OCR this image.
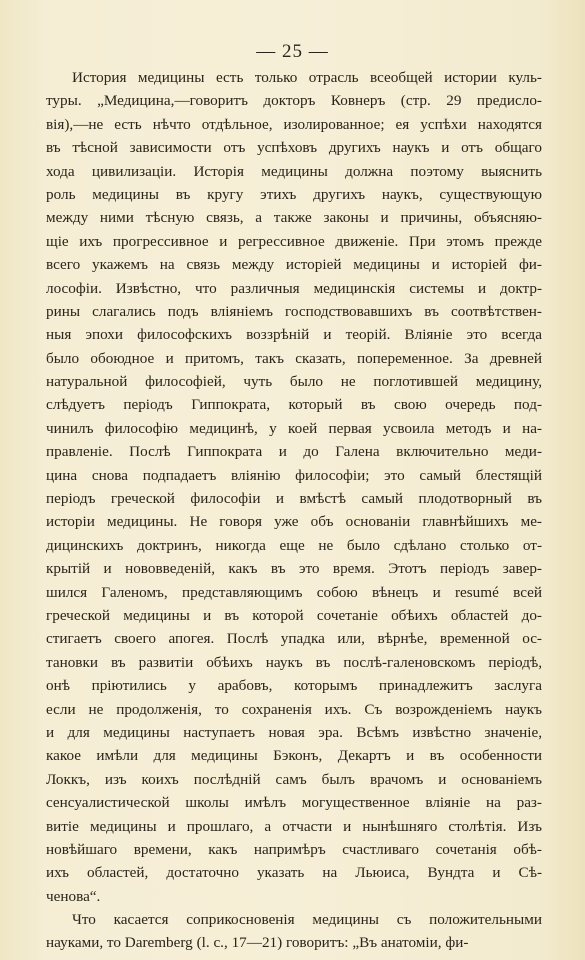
— 25 —
История медицины есть только отрасль всеобщей истории куль-
туры. „Медицина,—говоритъ докторъ Ковнеръ (стр. 29 предисло-
вія),—не есть нѣчто отдѣльное, изолированное; ея успѣхи находятся
въ тѣсной зависимости отъ успѣховъ другихъ наукъ и отъ общаго
хода цивилизаціи. Исторія медицины должна поэтому выяснить
роль медицины въ кругу этихъ другихъ наукъ, существующую
между ними тѣсную связь, а также законы и причины, объясняю-
щіе ихъ прогрессивное и регрессивное движеніе. При этомъ прежде
всего укажемъ на связь между исторіей медицины и исторіей фи-
лософіи. Извѣстно, что различныя медицинскія системы и доктр-
рины слагались подъ вліяніемъ господствовавшихъ въ соотвѣтствен-
ныя эпохи философскихъ воззрѣній и теорій. Вліяніе это всегда
было обоюдное и притомъ, такъ сказать, попеременное. За древней
натуральной философіей, чуть было не поглотившей медицину,
слѣдуетъ періодъ Гиппократа, который въ свою очередь под-
чинилъ философію медицинѣ, у коей первая усвоила методъ и на-
правленіе. Послѣ Гиппократа и до Галена включительно меди-
цина снова подпадаетъ вліянію философіи; это самый блестящій
періодъ греческой философіи и вмѣстѣ самый плодотворный въ
исторіи медицины. Не говоря уже объ основаніи главнѣйшихъ ме-
дицинскихъ доктринъ, никогда еще не было сдѣлано столько от-
крытій и нововведеній, какъ въ это время. Этотъ періодъ завер-
шился Галеномъ, представляющимъ собою вѣнецъ и resumé всей
греческой медицины и въ которой сочетаніе обѣихъ областей до-
стигаетъ своего апогея. Послѣ упадка или, вѣрнѣе, временной ос-
тановки въ развитіи обѣихъ наукъ въ послѣ-галеновскомъ періодѣ,
онѣ пріютились у арабовъ, которымъ принадлежитъ заслуга
если не продолженія, то сохраненія ихъ. Съ возрожденіемъ наукъ
и для медицины наступаетъ новая эра. Всѣмъ извѣстно значеніе,
какое имѣли для медицины Бэконъ, Декартъ и въ особенности
Локкъ, изъ коихъ послѣдній самъ былъ врачомъ и основаніемъ
сенсуалистической школы имѣлъ могущественное вліяніе на раз-
витіе медицины и прошлаго, а отчасти и нынѣшняго столѣтія. Изъ
новѣйшаго времени, какъ напримѣръ счастливаго сочетанія обѣ-
ихъ областей, достаточно указать на Льюиса, Вундта и Сѣ-
ченова“.
Что касается соприкосновенія медицины съ положительными
науками, то Daremberg (l. c., 17—21) говоритъ: „Въ анатоміи, фи-
